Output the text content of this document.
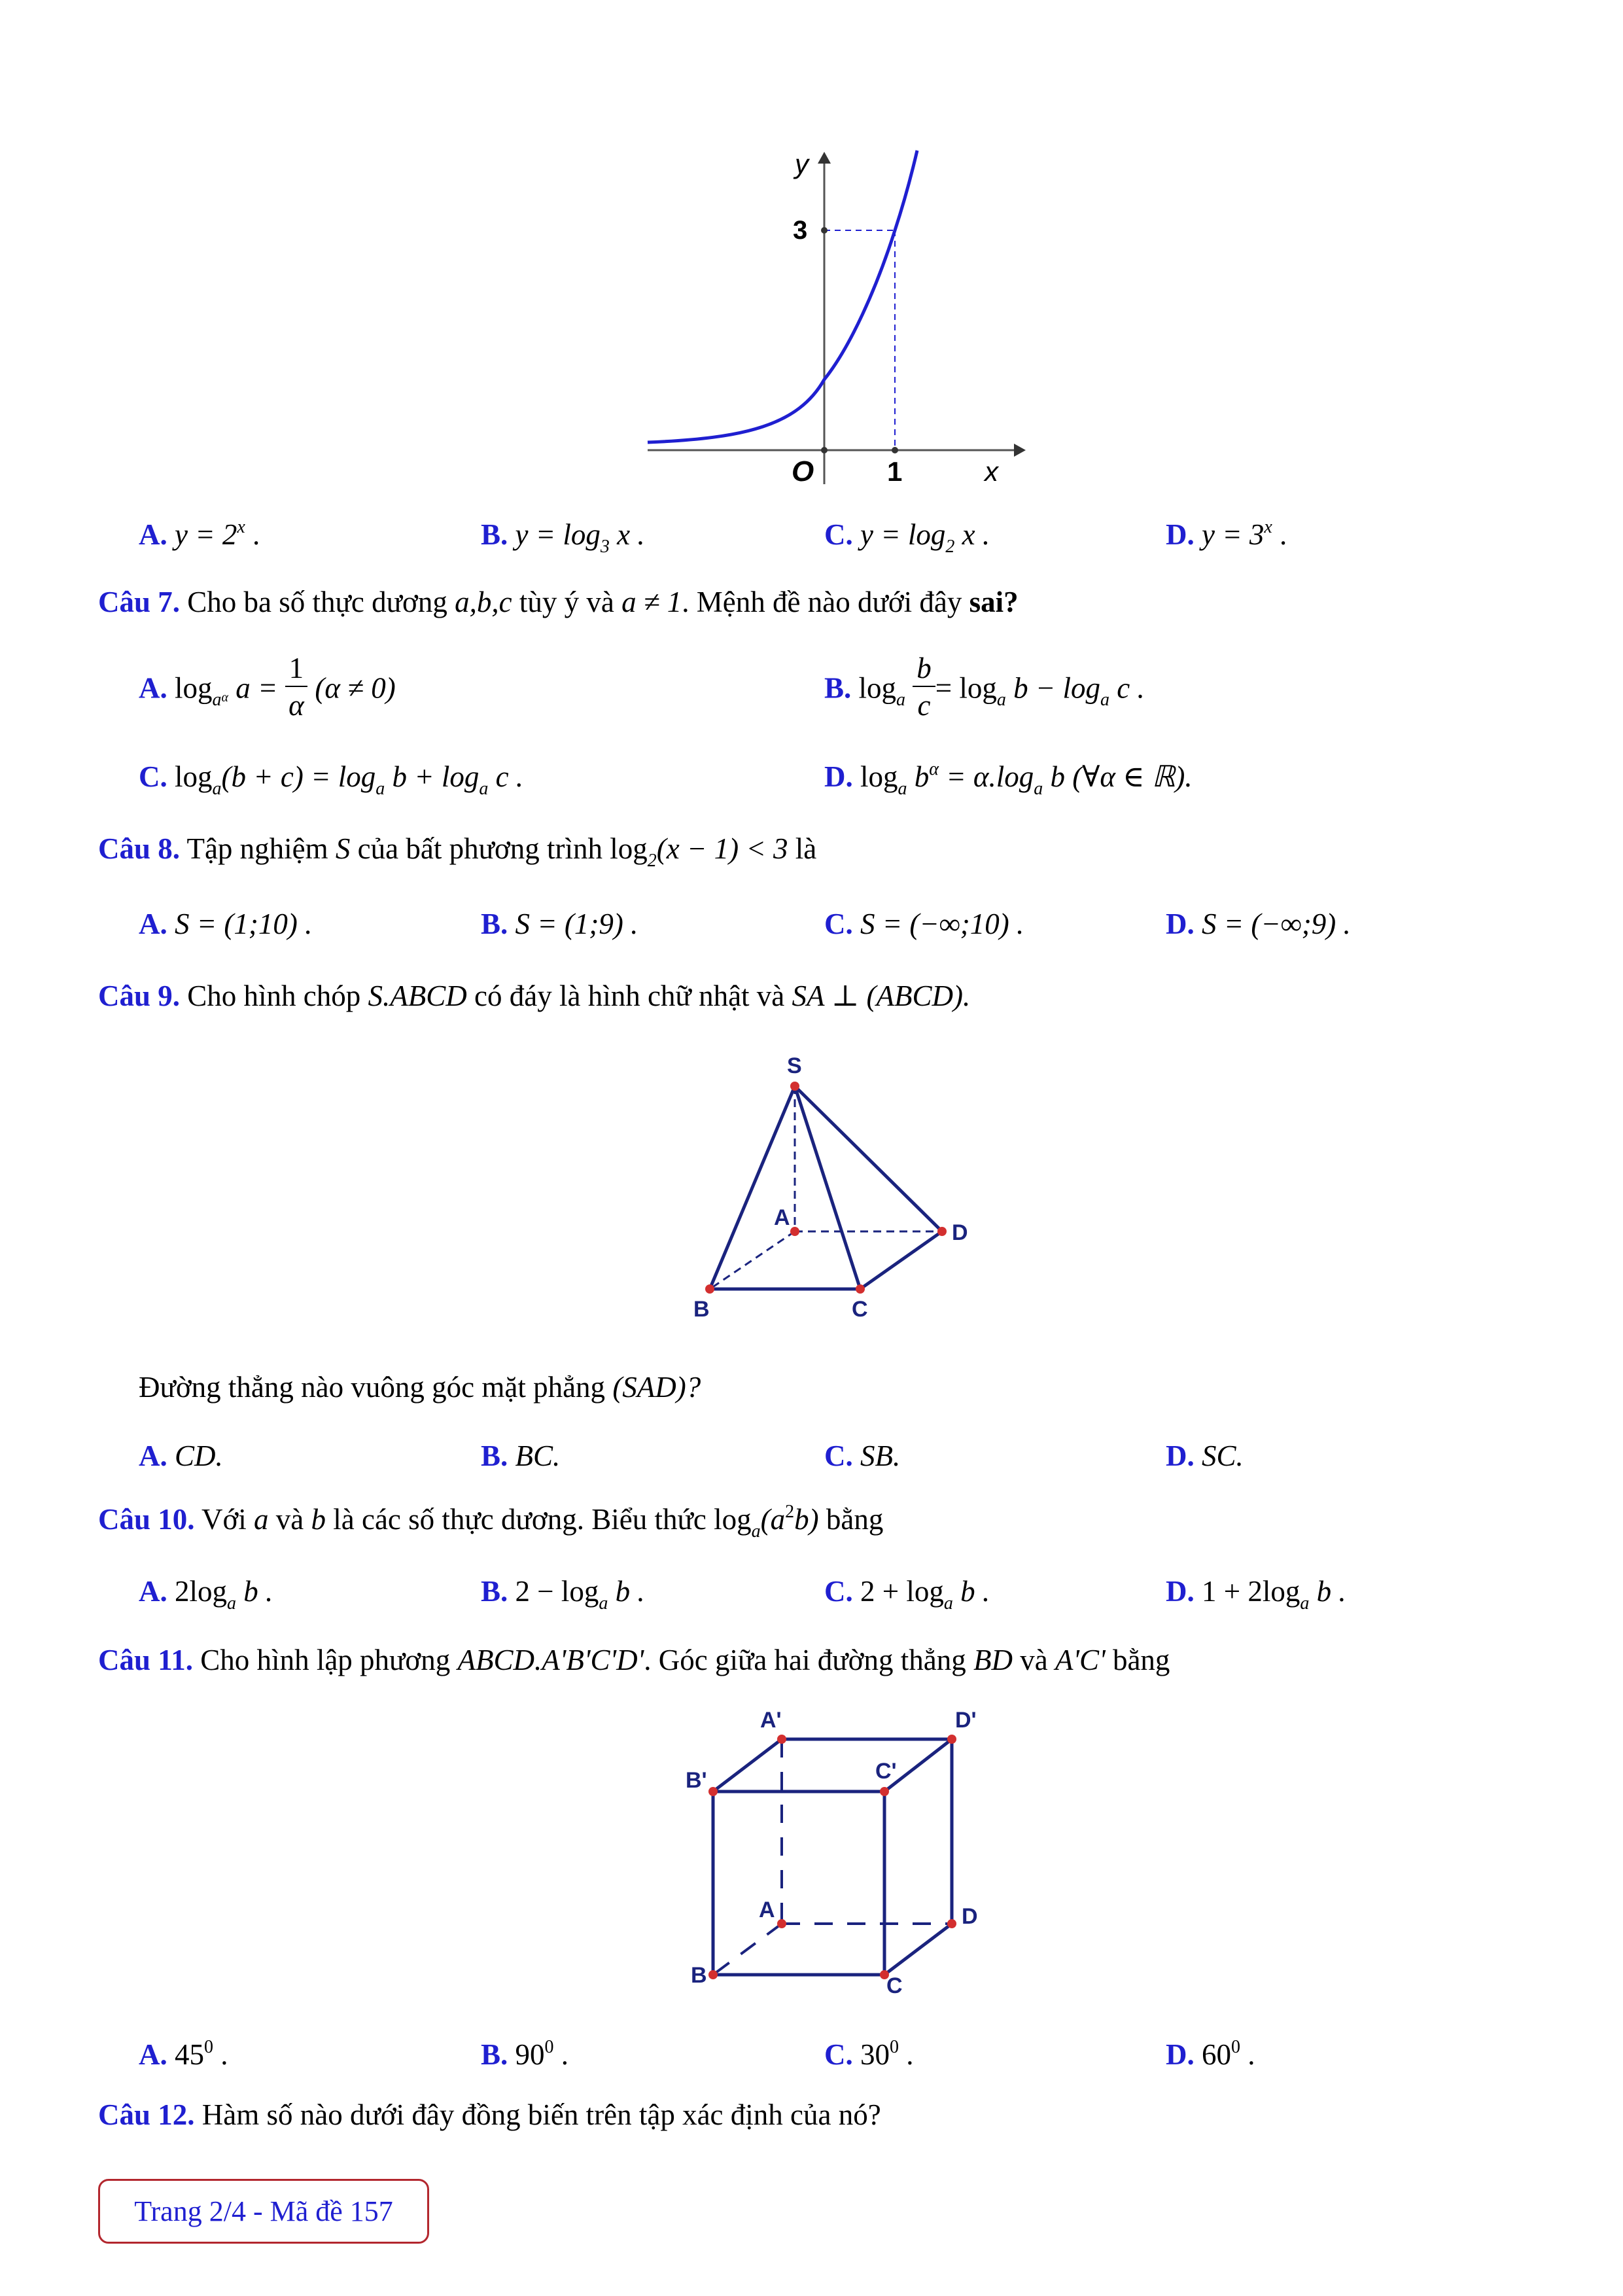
y
3
O	1	x
A. $y = 2^x$ .	B. $y = \log_3 x$ .	C. $y = \log_2 x$ .	D. $y = 3^x$ .
Câu 7. Cho ba số thực dương a,b,c tùy ý và a ≠ 1. Mệnh đề nào dưới đây sai?
A. $\log_a\alpha$ $a = \frac{1}{\alpha} (\alpha \ne 0)$	B. $\log_a \frac{b}{c} = \log_a b - \log_a c$ .
C. $\log_a(b + c) = \log_a b + \log_a c$ .	D. $\log_a b^\alpha = \alpha.\log_a$ b (∀α ∈ ℝ).
Câu 8. Tập nghiệm S của bất phương trình $\log_2(x - 1) < 3$ là
A. S = (1;10) .	B. S = (1;9) .	C. S = (−∞;10) .	D. S = (−∞;9) .
Câu 9. Cho hình chóp S.ABCD có đáy là hình chữ nhật và SA ⊥ (ABCD).
S
A
D
B	C
Đường thẳng nào vuông góc mặt phẳng (SAD)?
A. CD.	B. BC.	C. SB.	D. SC.
Câu 10. Với a và b là các số thực dương. Biểu thức $\log_a(a^2b)$ bằng
A. $2\log_a$ b .	B. $2 - \log_a b$ .	C. $2 + \log_a b$ .	D. $1 + 2\log_a$ b .
Câu 11. Cho hình lập phương ABCD.A'B'C'D'. Góc giữa hai đường thẳng BD và A'C' bằng
A'	D'
B'	C'
A	D
B	C
A. $45^0$ .	B. $90^0$ .	C. $30^0$ .	D. $60^0$ .
Câu 12. Hàm số nào dưới đây đồng biến trên tập xác định của nó?
Trang 2/4 - Mã đề 157
